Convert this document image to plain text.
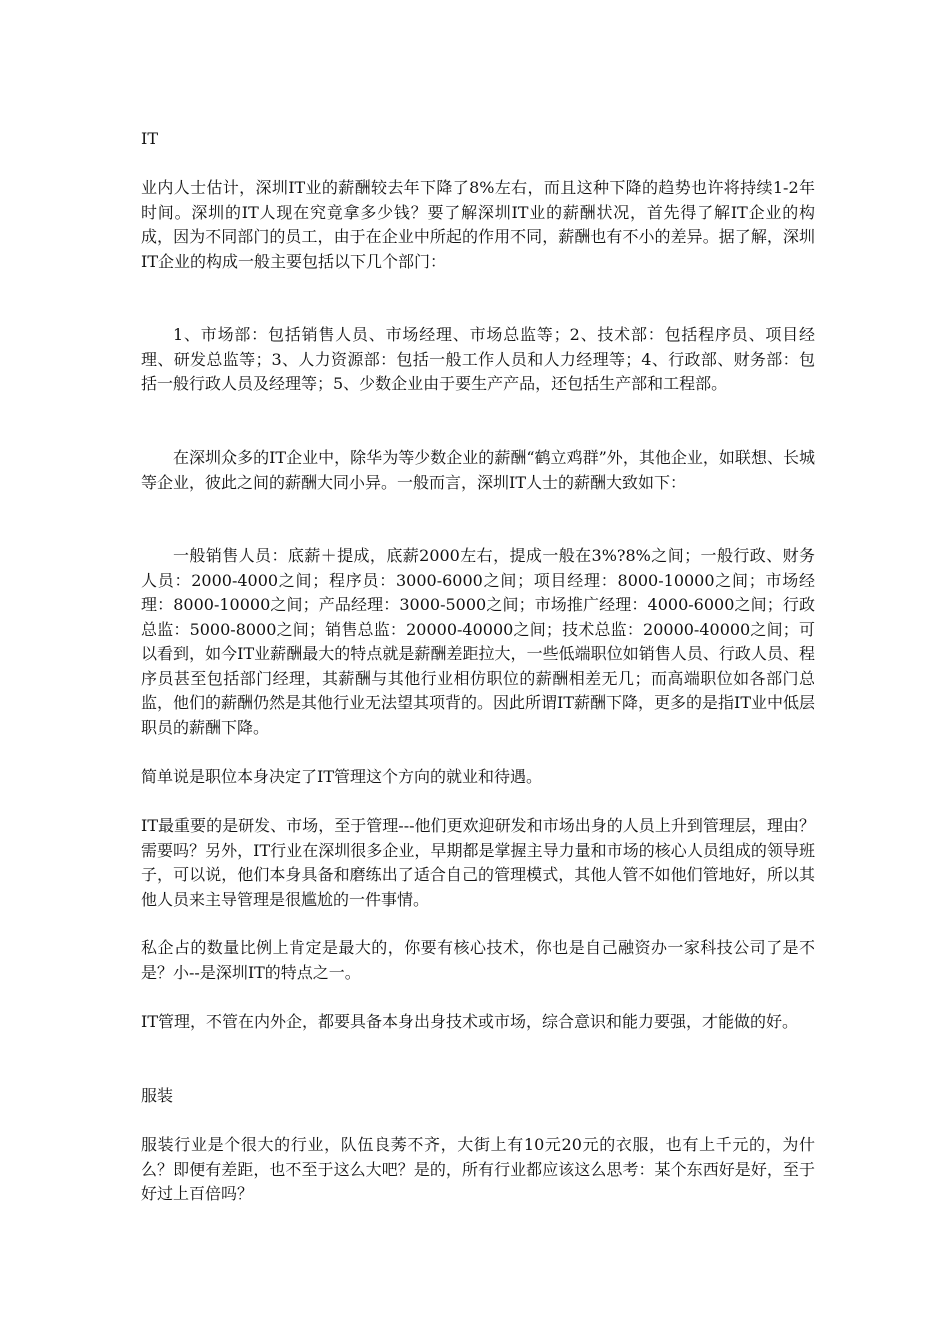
IT

业内人士估计，深圳IT业的薪酬较去年下降了8%左右，而且这种下降的趋势也许将持续1-2年时间。深圳的IT人现在究竟拿多少钱？要了解深圳IT业的薪酬状况，首先得了解IT企业的构成，因为不同部门的员工，由于在企业中所起的作用不同，薪酬也有不小的差异。据了解，深圳IT企业的构成一般主要包括以下几个部门：

1、市场部：包括销售人员、市场经理、市场总监等；2、技术部：包括程序员、项目经理、研发总监等；3、人力资源部：包括一般工作人员和人力经理等；4、行政部、财务部：包括一般行政人员及经理等；5、少数企业由于要生产产品，还包括生产部和工程部。

在深圳众多的IT企业中，除华为等少数企业的薪酬“鹤立鸡群”外，其他企业，如联想、长城等企业，彼此之间的薪酬大同小异。一般而言，深圳IT人士的薪酬大致如下：

一般销售人员：底薪＋提成，底薪2000左右，提成一般在3%?8%之间；一般行政、财务人员：2000-4000之间；程序员：3000-6000之间；项目经理：8000-10000之间；市场经理：8000-10000之间；产品经理：3000-5000之间；市场推广经理：4000-6000之间；行政总监：5000-8000之间；销售总监：20000-40000之间；技术总监：20000-40000之间；可以看到，如今IT业薪酬最大的特点就是薪酬差距拉大，一些低端职位如销售人员、行政人员、程序员甚至包括部门经理，其薪酬与其他行业相仿职位的薪酬相差无几；而高端职位如各部门总监，他们的薪酬仍然是其他行业无法望其项背的。因此所谓IT薪酬下降，更多的是指IT业中低层职员的薪酬下降。

简单说是职位本身决定了IT管理这个方向的就业和待遇。

IT最重要的是研发、市场，至于管理---他们更欢迎研发和市场出身的人员上升到管理层，理由？需要吗？另外，IT行业在深圳很多企业，早期都是掌握主导力量和市场的核心人员组成的领导班子，可以说，他们本身具备和磨练出了适合自己的管理模式，其他人管不如他们管地好，所以其他人员来主导管理是很尴尬的一件事情。

私企占的数量比例上肯定是最大的，你要有核心技术，你也是自己融资办一家科技公司了是不是？小--是深圳IT的特点之一。

IT管理，不管在内外企，都要具备本身出身技术或市场，综合意识和能力要强，才能做的好。

服装

服装行业是个很大的行业，队伍良莠不齐，大街上有10元20元的衣服，也有上千元的，为什么？即便有差距，也不至于这么大吧？是的，所有行业都应该这么思考：某个东西好是好，至于好过上百倍吗？
